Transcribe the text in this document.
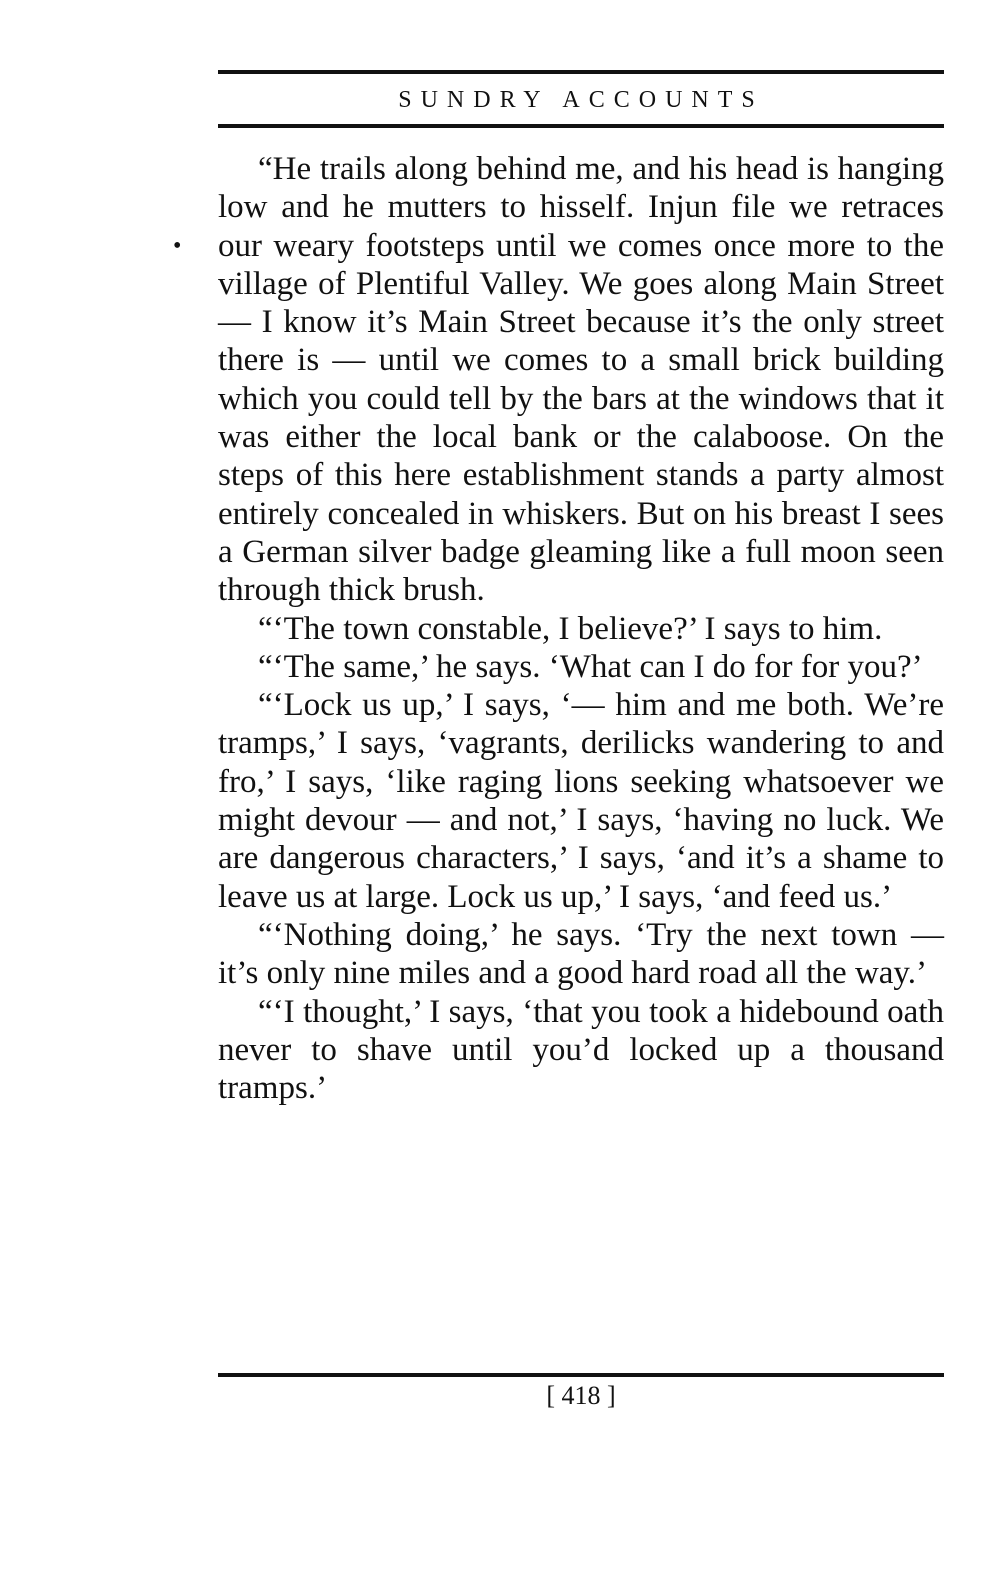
•
SUNDRY ACCOUNTS

“He trails along behind me, and his head is hanging low and he mutters to hisself. Injun file we retraces our weary footsteps until we comes once more to the village of Plentiful Valley. We goes along Main Street — I know it’s Main Street because it’s the only street there is — until we comes to a small brick building which you could tell by the bars at the windows that it was either the local bank or the calaboose. On the steps of this here establishment stands a party almost entirely concealed in whiskers. But on his breast I sees a German silver badge gleaming like a full moon seen through thick brush.

“‘The town constable, I believe?’ I says to him.

“‘The same,’ he says. ‘What can I do for for you?’

“‘Lock us up,’ I says, ‘— him and me both. We’re tramps,’ I says, ‘vagrants, derilicks wandering to and fro,’ I says, ‘like raging lions seeking whatsoever we might devour — and not,’ I says, ‘having no luck. We are dangerous characters,’ I says, ‘and it’s a shame to leave us at large. Lock us up,’ I says, ‘and feed us.’

“‘Nothing doing,’ he says. ‘Try the next town — it’s only nine miles and a good hard road all the way.’

“‘I thought,’ I says, ‘that you took a hidebound oath never to shave until you’d locked up a thousand tramps.’

[ 418 ]
